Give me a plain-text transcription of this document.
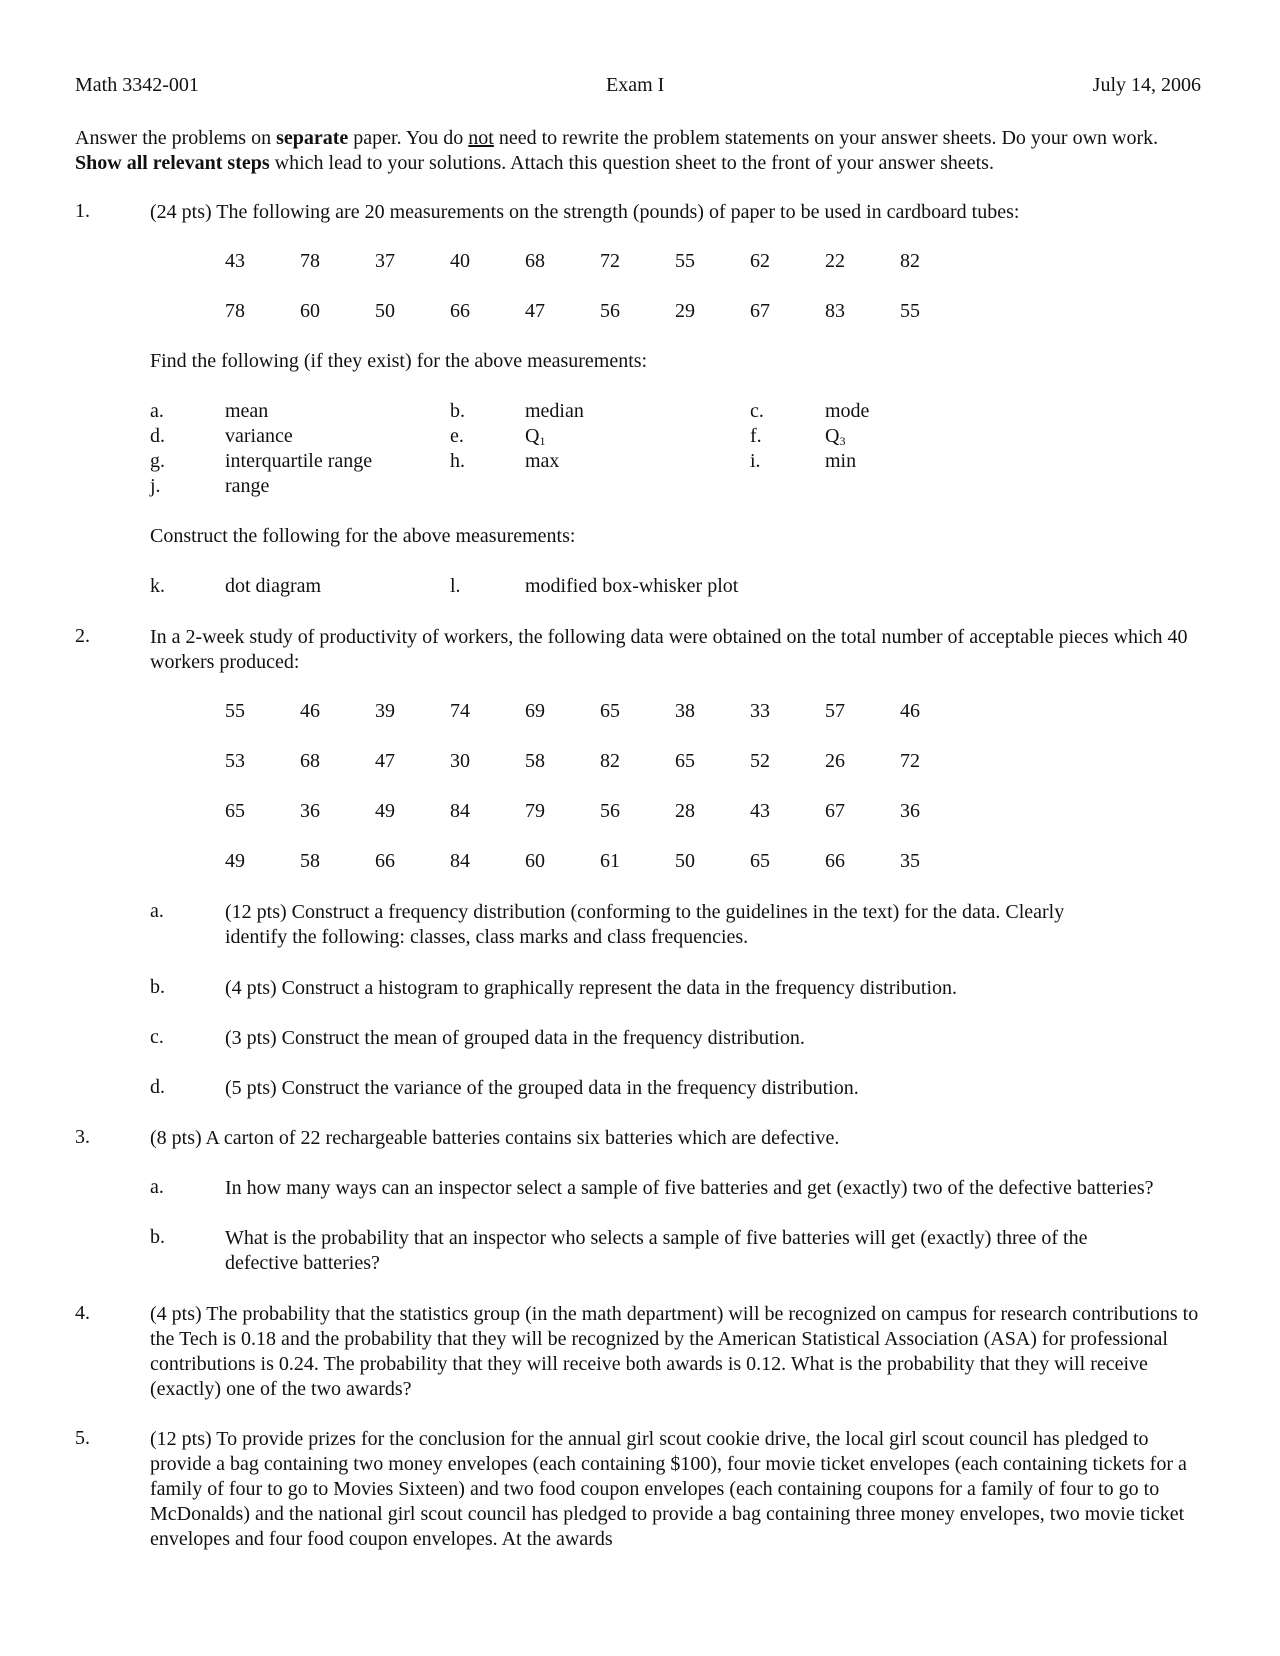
Math 3342-001	Exam I	July 14, 2006
Answer the problems on separate paper. You do not need to rewrite the problem statements on your answer sheets. Do your own work. Show all relevant steps which lead to your solutions. Attach this question sheet to the front of your answer sheets.
1.	(24 pts) The following are 20 measurements on the strength (pounds) of paper to be used in cardboard tubes:
43	78	37	40	68	72	55	62	22	82
78	60	50	66	47	56	29	67	83	55
Find the following (if they exist) for the above measurements:
a.	mean	b.	median	c.	mode
d.	variance	e.	$Q_1$	f.	$Q_3$
g.	interquartile range	h.	max	i.	min
j.	range
Construct the following for the above measurements:
k.	dot diagram	l.	modified box-whisker plot
2.	In a 2-week study of productivity of workers, the following data were obtained on the total number of acceptable pieces which 40 workers produced:
55	46	39	74	69	65	38	33	57	46
53	68	47	30	58	82	65	52	26	72
65	36	49	84	79	56	28	43	67	36
49	58	66	84	60	61	50	65	66	35
a.	(12 pts) Construct a frequency distribution (conforming to the guidelines in the text) for the data. Clearly identify the following: classes, class marks and class frequencies.
b.	(4 pts) Construct a histogram to graphically represent the data in the frequency distribution.
c.	(3 pts) Construct the mean of grouped data in the frequency distribution.
d.	(5 pts) Construct the variance of the grouped data in the frequency distribution.
3.	(8 pts) A carton of 22 rechargeable batteries contains six batteries which are defective.
a.	In how many ways can an inspector select a sample of five batteries and get (exactly) two of the defective batteries?
b.	What is the probability that an inspector who selects a sample of five batteries will get (exactly) three of the defective batteries?
4.	(4 pts) The probability that the statistics group (in the math department) will be recognized on campus for research contributions to the Tech is 0.18 and the probability that they will be recognized by the American Statistical Association (ASA) for professional contributions is 0.24. The probability that they will receive both awards is 0.12. What is the probability that they will receive (exactly) one of the two awards?
5.	(12 pts) To provide prizes for the conclusion for the annual girl scout cookie drive, the local girl scout council has pledged to provide a bag containing two money envelopes (each containing $100), four movie ticket envelopes (each containing tickets for a family of four to go to Movies Sixteen) and two food coupon envelopes (each containing coupons for a family of four to go to McDonalds) and the national girl scout council has pledged to provide a bag containing three money envelopes, two movie ticket envelopes and four food coupon envelopes. At the awards
